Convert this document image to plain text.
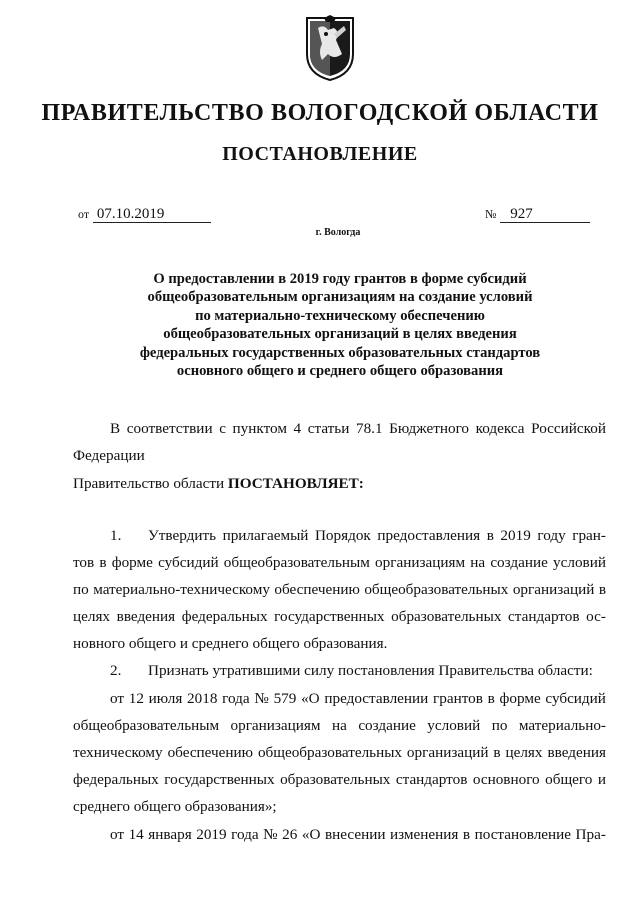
ПРАВИТЕЛЬСТВО ВОЛОГОДСКОЙ ОБЛАСТИ
ПОСТАНОВЛЕНИЕ
от 07.10.2019	№ 927
г. Вологда
О предоставлении в 2019 году грантов в форме субсидий
общеобразовательным организациям на создание условий
по материально-техническому обеспечению
общеобразовательных организаций в целях введения
федеральных государственных образовательных стандартов
основного общего и среднего общего образования
В соответствии с пунктом 4 статьи 78.1 Бюджетного кодекса Российской
Федерации
Правительство области ПОСТАНОВЛЯЕТ:
1. Утвердить прилагаемый Порядок предоставления в 2019 году гран-
тов в форме субсидий общеобразовательным организациям на создание условий
по материально-техническому обеспечению общеобразовательных организаций в
целях введения федеральных государственных образовательных стандартов ос-
новного общего и среднего общего образования.
2. Признать утратившими силу постановления Правительства области:
от 12 июля 2018 года № 579 «О предоставлении грантов в форме субсидий
общеобразовательным организациям на создание условий по материально-
техническому обеспечению общеобразовательных организаций в целях введения
федеральных государственных образовательных стандартов основного общего и
среднего общего образования»;
от 14 января 2019 года № 26 «О внесении изменения в постановление Пра-
